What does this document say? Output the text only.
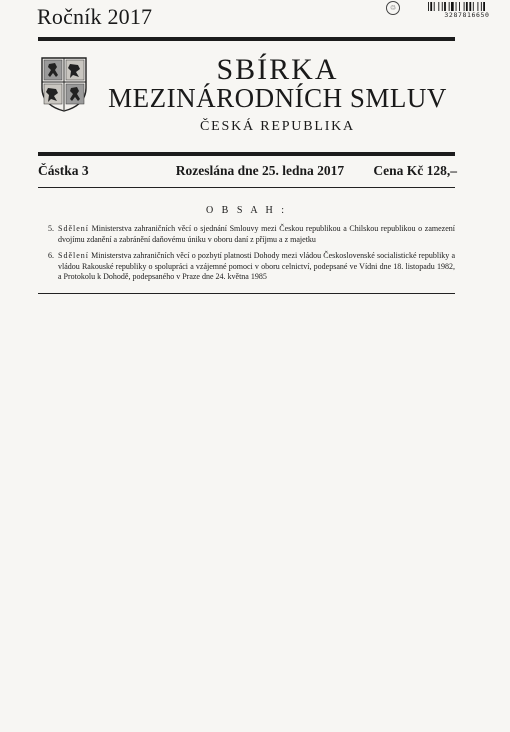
Ročník 2017	♲
3287816650
SBÍRKA
MEZINÁRODNÍCH SMLUV
ČESKÁ REPUBLIKA
Částka 3	Rozeslána dne 25. ledna 2017	Cena Kč 128,–
O B S A H :
5. Sdělení Ministerstva zahraničních věcí o sjednání Smlouvy mezi Českou republikou a Chilskou republikou o zamezení dvojímu zdanění a zabránění daňovému úniku v oboru daní z příjmu a z majetku
6. Sdělení Ministerstva zahraničních věcí o pozbytí platnosti Dohody mezi vládou Československé socialistické republiky a vládou Rakouské republiky o spolupráci a vzájemné pomoci v oboru celnictví, podepsané ve Vídni dne 18. listopadu 1982, a Protokolu k Dohodě, podepsaného v Praze dne 24. května 1985
